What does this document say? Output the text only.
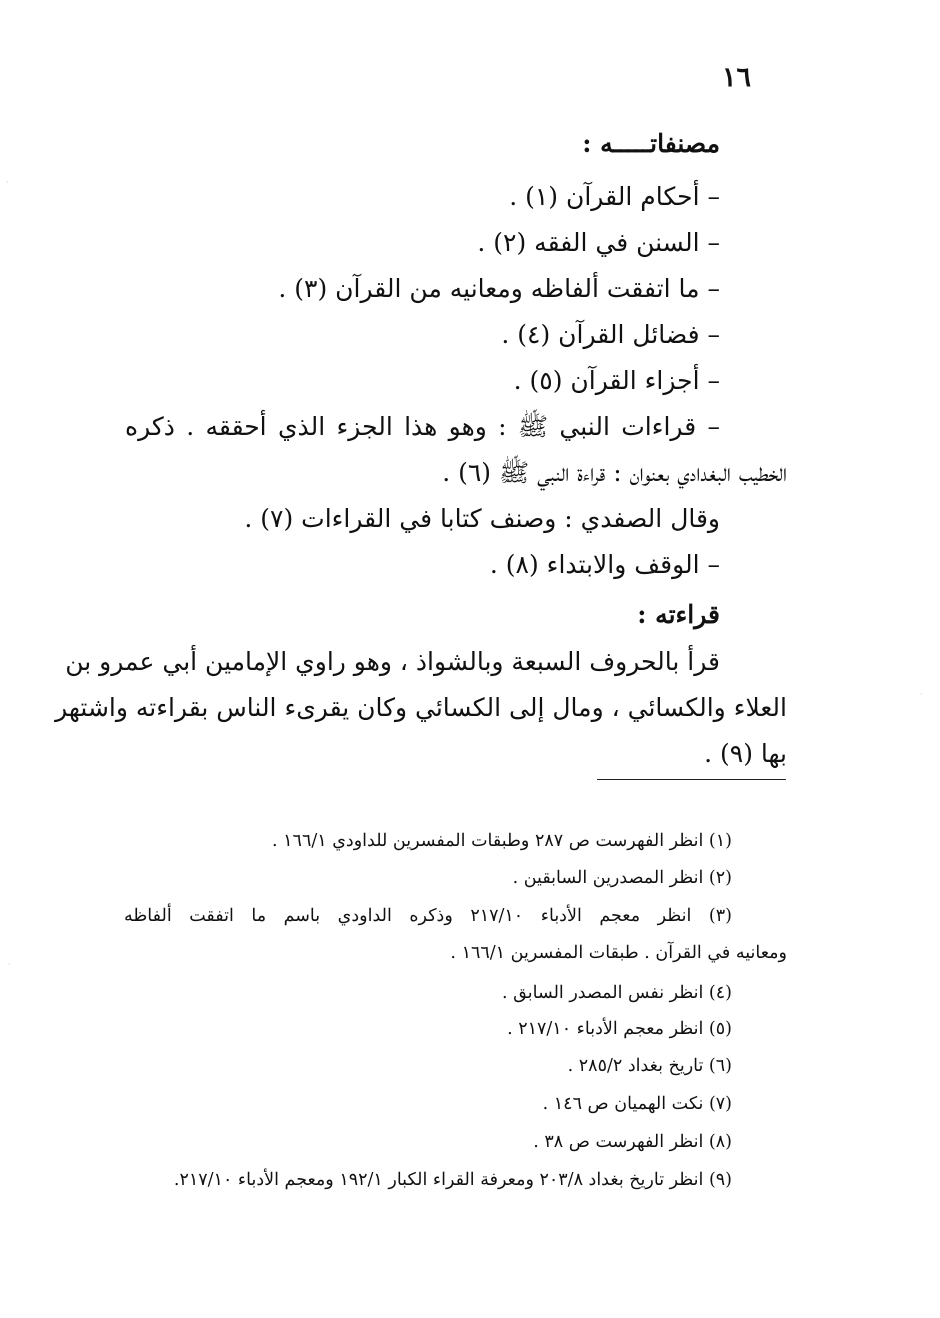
١٦
مصنفاتـــــه :
– أحكام القرآن (١) .
– السنن في الفقه (٢) .
– ما اتفقت ألفاظه ومعانيه من القرآن (٣) .
– فضائل القرآن (٤) .
– أجزاء القرآن (٥) .
– قراءات النبي ﷺ : وهو هذا الجزء الذي أحققه . ذكره
الخطيب البغدادي بعنوان : قراءة النبي ﷺ (٦) .
وقال الصفدي : وصنف كتابا في القراءات (٧) .
– الوقف والابتداء (٨) .
قراءته :
قرأ بالحروف السبعة وبالشواذ ، وهو راوي الإمامين أبي عمرو بن
العلاء والكسائي ، ومال إلى الكسائي وكان يقرىء الناس بقراءته واشتهر
بها (٩) .
(١) انظر الفهرست ص ٢٨٧ وطبقات المفسرين للداودي ١٦٦/١ .
(٢) انظر المصدرين السابقين .
(٣) انظر معجم الأدباء ٢١٧/١٠ وذكره الداودي باسم ما اتفقت ألفاظه
ومعانيه في القرآن . طبقات المفسرين ١٦٦/١ .
(٤) انظر نفس المصدر السابق .
(٥) انظر معجم الأدباء ٢١٧/١٠ .
(٦) تاريخ بغداد ٢٨٥/٢ .
(٧) نكت الهميان ص ١٤٦ .
(٨) انظر الفهرست ص ٣٨ .
(٩) انظر تاريخ بغداد ٢٠٣/٨ ومعرفة القراء الكبار ١٩٢/١ ومعجم الأدباء ٢١٧/١٠.
·
·
·
